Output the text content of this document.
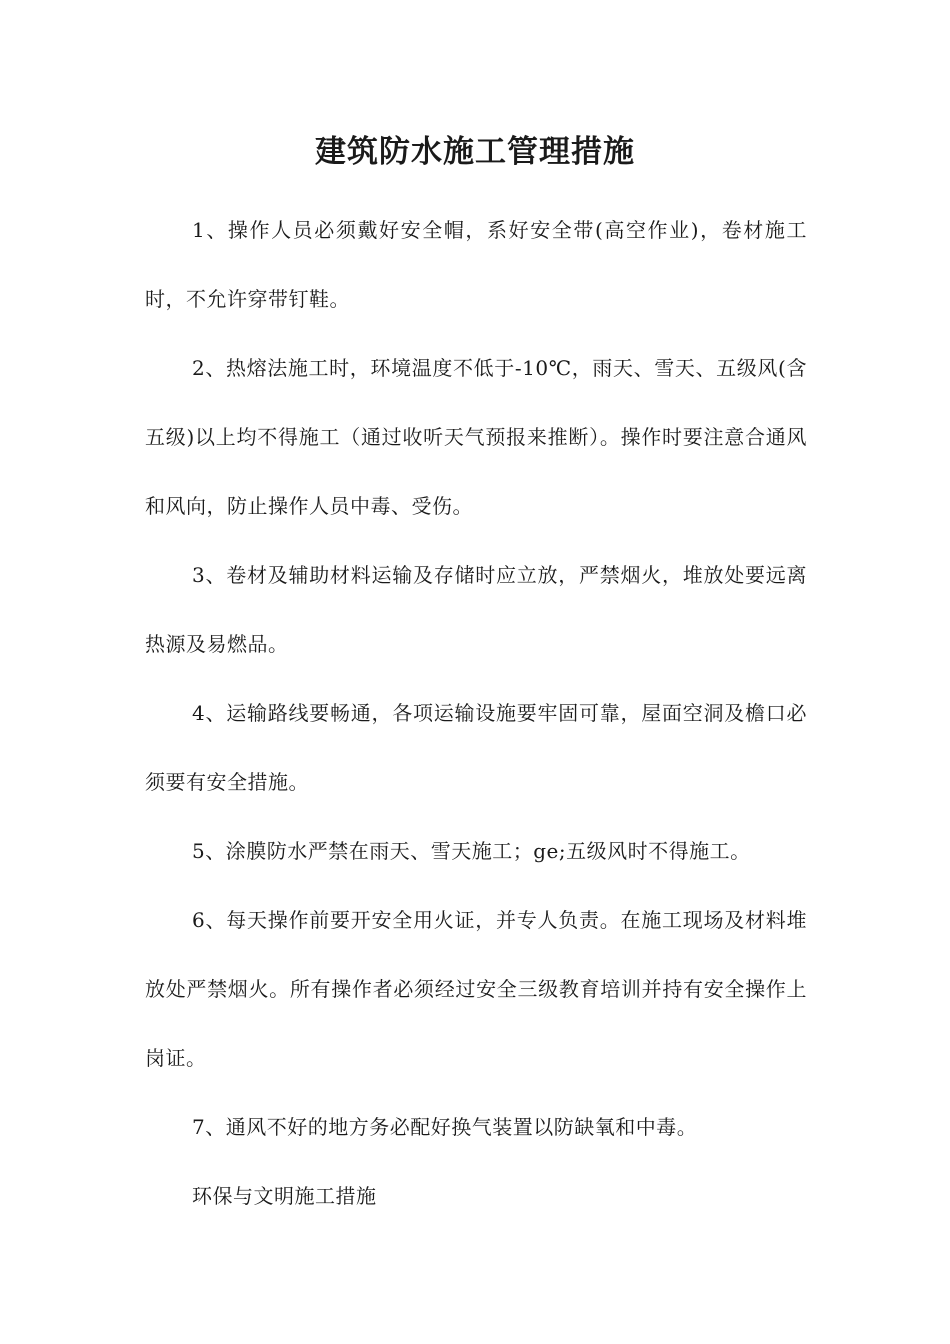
建筑防水施工管理措施

1、操作人员必须戴好安全帽，系好安全带(高空作业)，卷材施工时，不允许穿带钉鞋。

2、热熔法施工时，环境温度不低于-10℃，雨天、雪天、五级风(含五级)以上均不得施工（通过收听天气预报来推断）。操作时要注意合通风和风向，防止操作人员中毒、受伤。

3、卷材及辅助材料运输及存储时应立放，严禁烟火，堆放处要远离热源及易燃品。

4、运输路线要畅通，各项运输设施要牢固可靠，屋面空洞及檐口必须要有安全措施。

5、涂膜防水严禁在雨天、雪天施工；ge;五级风时不得施工。

6、每天操作前要开安全用火证，并专人负责。在施工现场及材料堆放处严禁烟火。所有操作者必须经过安全三级教育培训并持有安全操作上岗证。

7、通风不好的地方务必配好换气装置以防缺氧和中毒。

环保与文明施工措施
